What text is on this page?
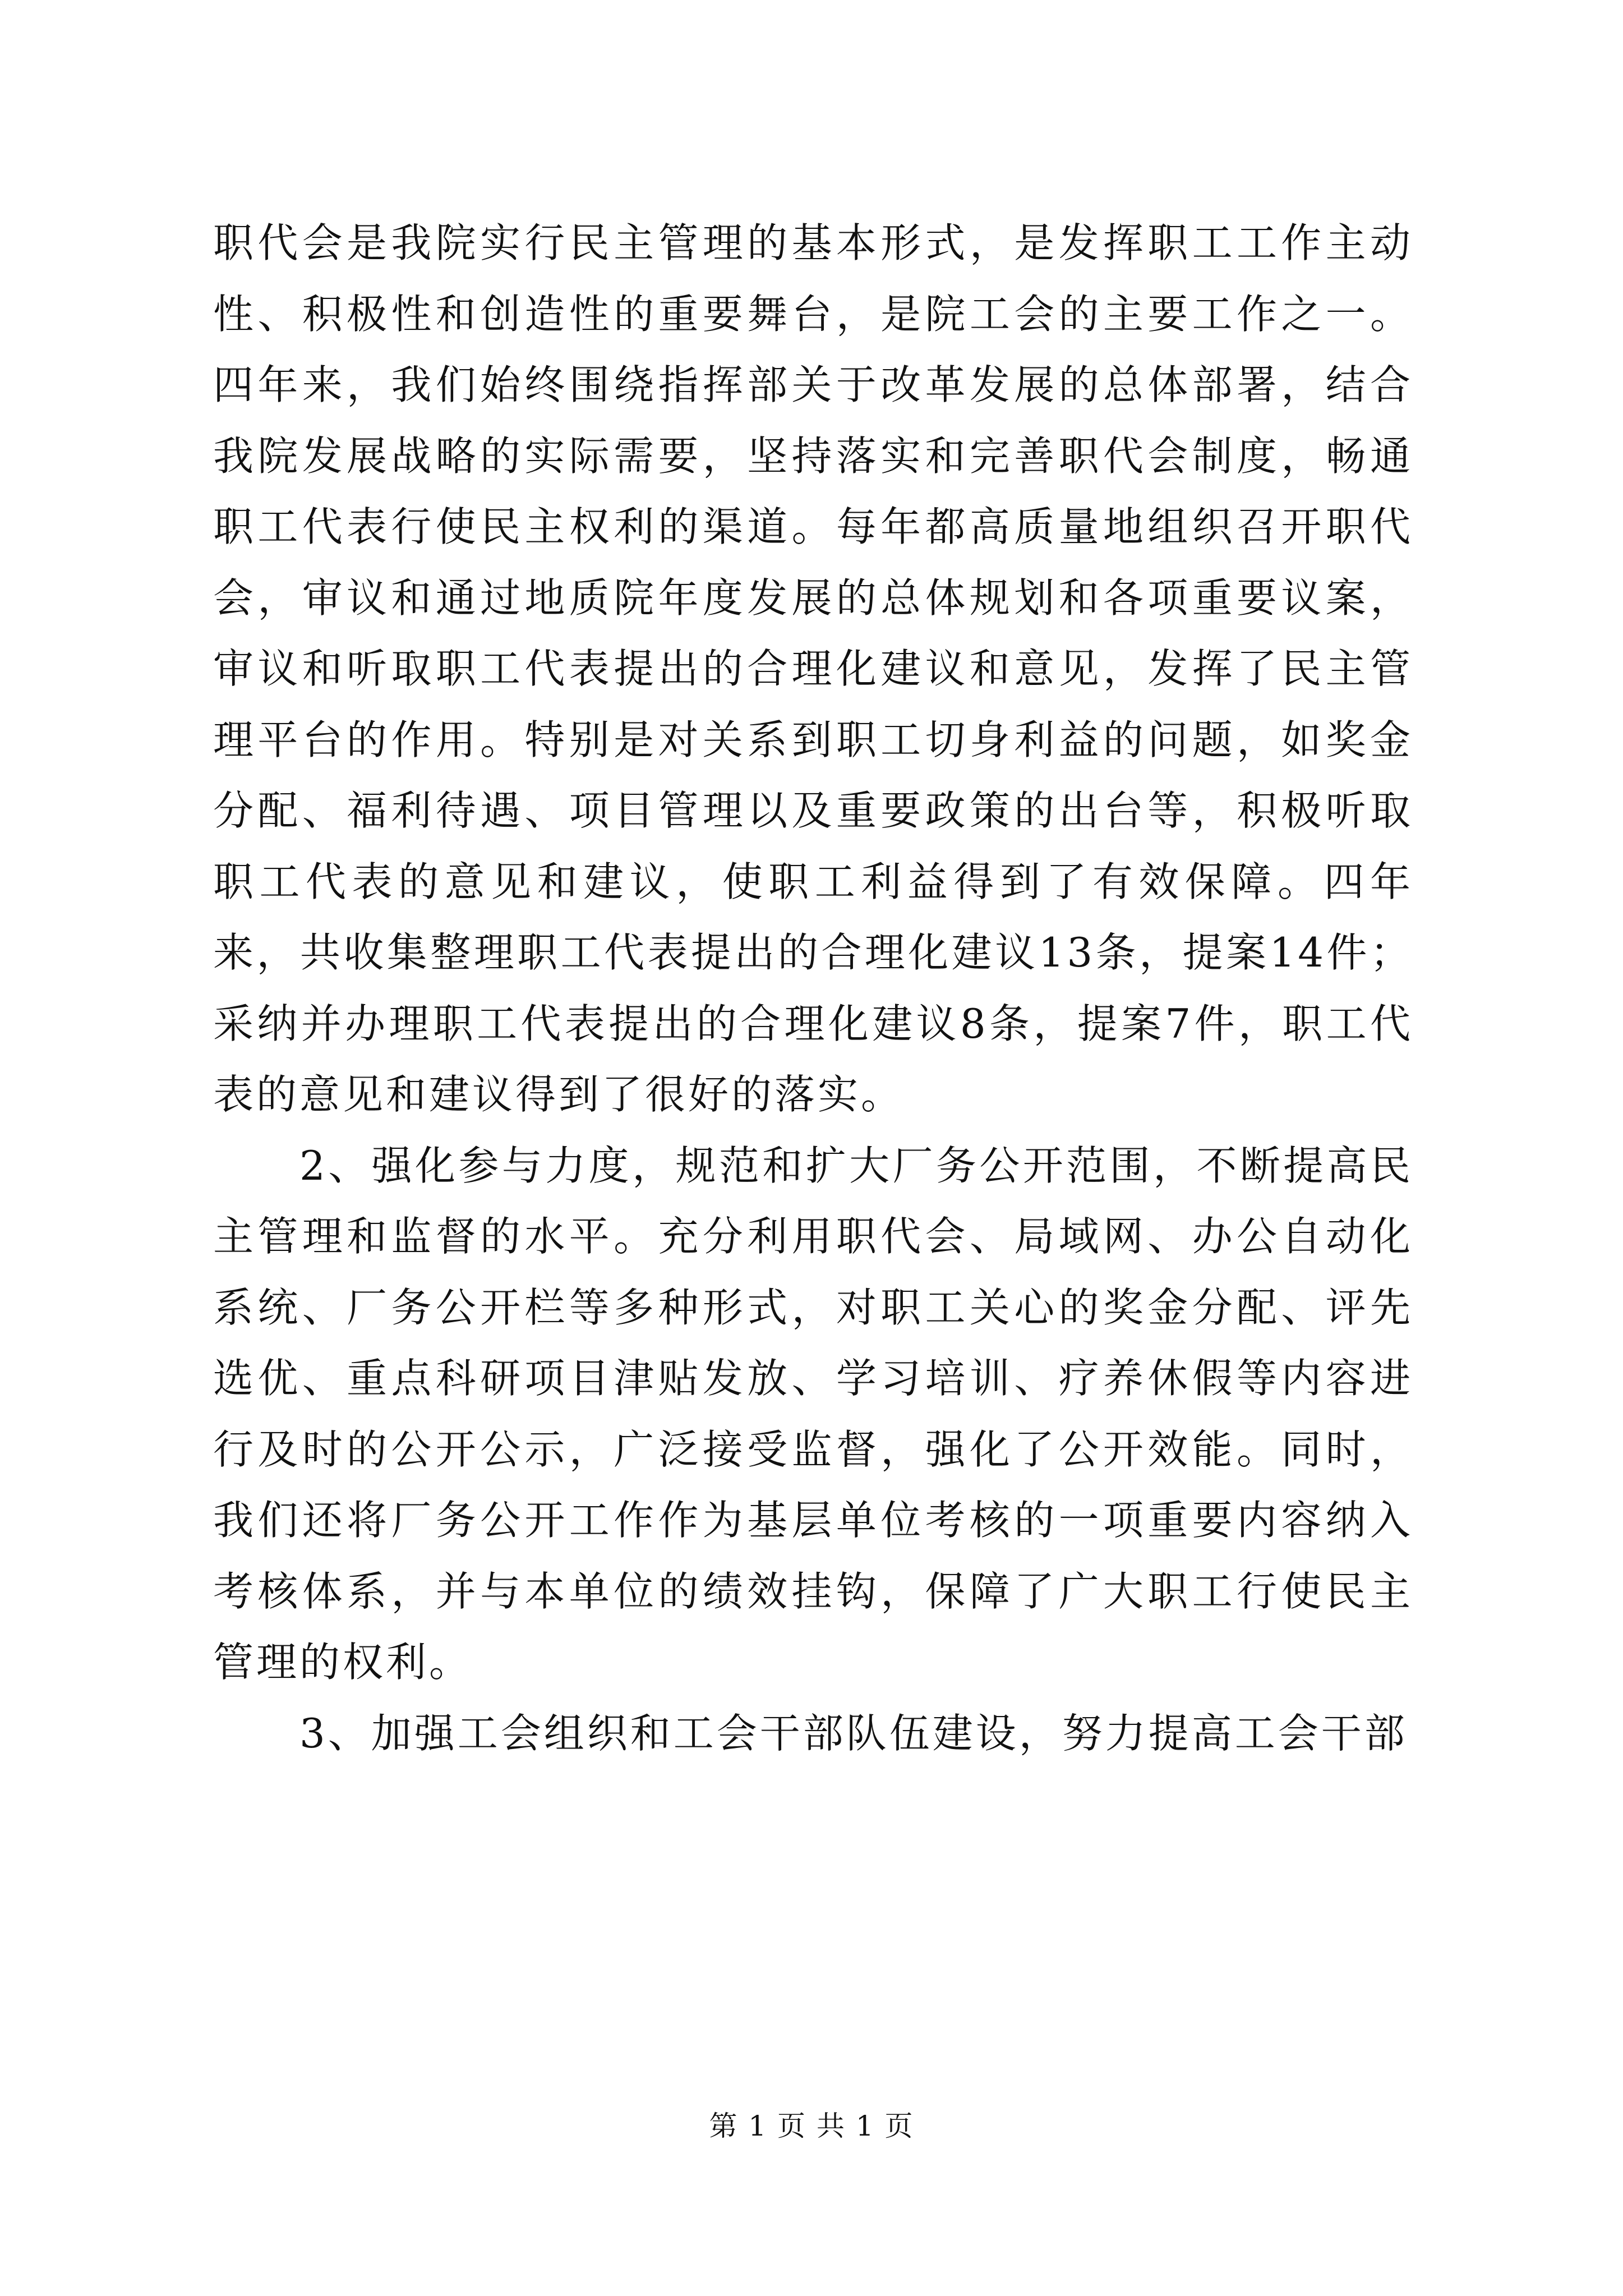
职代会是我院实行民主管理的基本形式，是发挥职工工作主动性、积极性和创造性的重要舞台，是院工会的主要工作之一。四年来，我们始终围绕指挥部关于改革发展的总体部署，结合我院发展战略的实际需要，坚持落实和完善职代会制度，畅通职工代表行使民主权利的渠道。每年都高质量地组织召开职代会，审议和通过地质院年度发展的总体规划和各项重要议案，审议和听取职工代表提出的合理化建议和意见，发挥了民主管理平台的作用。特别是对关系到职工切身利益的问题，如奖金分配、福利待遇、项目管理以及重要政策的出台等，积极听取职工代表的意见和建议，使职工利益得到了有效保障。四年来，共收集整理职工代表提出的合理化建议13条，提案14件；采纳并办理职工代表提出的合理化建议8条，提案7件，职工代表的意见和建议得到了很好的落实。

2、强化参与力度，规范和扩大厂务公开范围，不断提高民主管理和监督的水平。充分利用职代会、局域网、办公自动化系统、厂务公开栏等多种形式，对职工关心的奖金分配、评先选优、重点科研项目津贴发放、学习培训、疗养休假等内容进行及时的公开公示，广泛接受监督，强化了公开效能。同时，我们还将厂务公开工作作为基层单位考核的一项重要内容纳入考核体系，并与本单位的绩效挂钩，保障了广大职工行使民主管理的权利。

3、加强工会组织和工会干部队伍建设，努力提高工会干部

第 1 页 共 1 页
